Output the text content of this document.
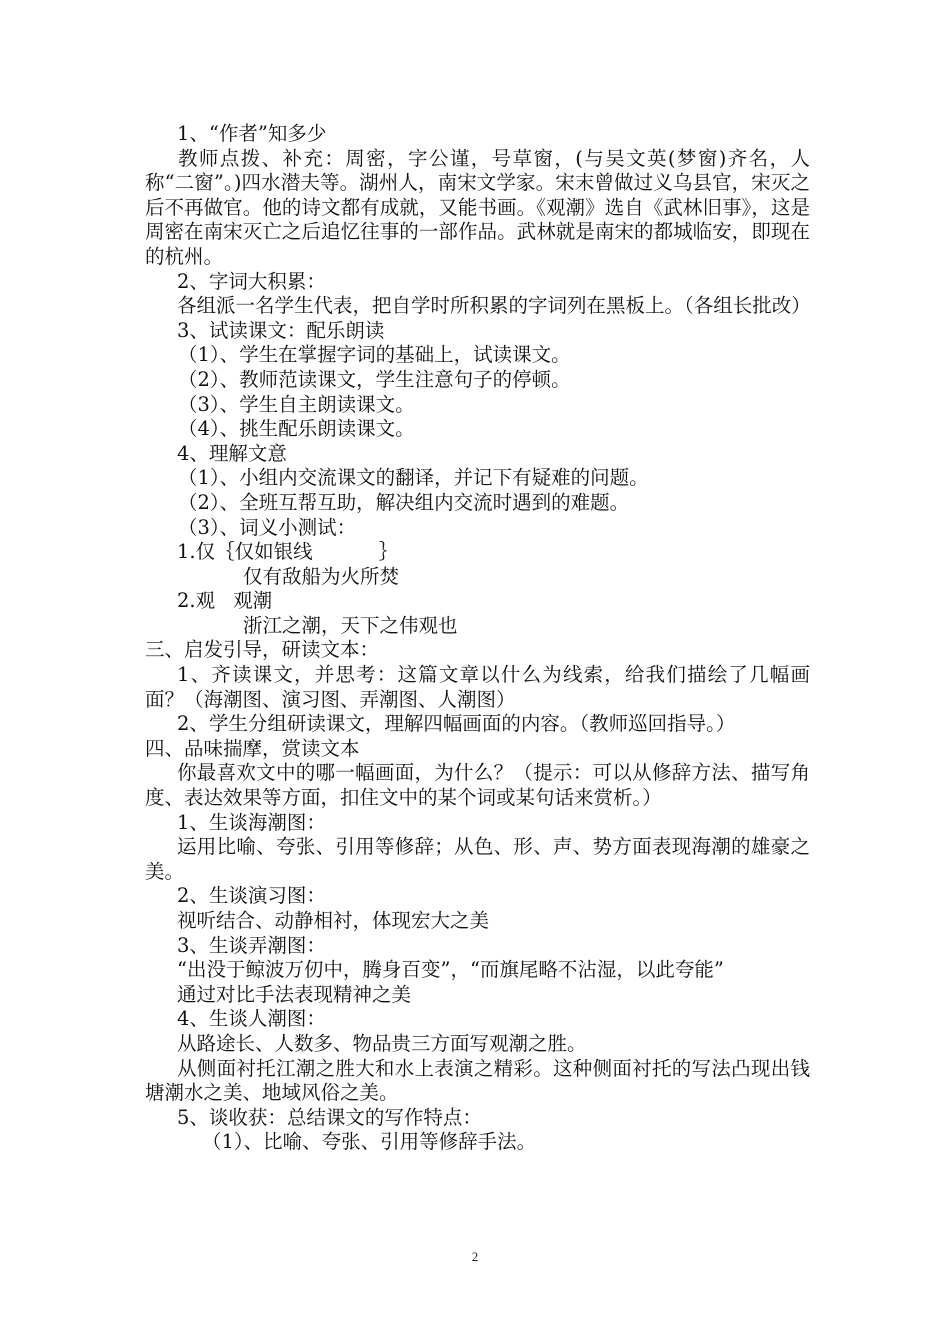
1、“作者”知多少
教师点拨、补充：周密，字公谨，号草窗，(与吴文英(梦窗)齐名，人称“二窗”。)四水潜夫等。湖州人，南宋文学家。宋末曾做过义乌县官，宋灭之后不再做官。他的诗文都有成就，又能书画。《观潮》选自《武林旧事》，这是周密在南宋灭亡之后追忆往事的一部作品。武林就是南宋的都城临安，即现在的杭州。
2、字词大积累：
各组派一名学生代表，把自学时所积累的字词列在黑板上。（各组长批改）
3、试读课文：配乐朗读
（1）、学生在掌握字词的基础上，试读课文。
（2）、教师范读课文，学生注意句子的停顿。
（3）、学生自主朗读课文。
（4）、挑生配乐朗读课文。
4、理解文意
（1）、小组内交流课文的翻译，并记下有疑难的问题。
（2）、全班互帮互助，解决组内交流时遇到的难题。
（3）、词义小测试：
1.仅｛仅如银线	｝
仅有敌船为火所焚
2.观 观潮
浙江之潮，天下之伟观也
三、启发引导，研读文本：
1、齐读课文，并思考：这篇文章以什么为线索，给我们描绘了几幅画面？（海潮图、演习图、弄潮图、人潮图）
2、学生分组研读课文，理解四幅画面的内容。（教师巡回指导。）
四、品味揣摩，赏读文本
你最喜欢文中的哪一幅画面，为什么？（提示：可以从修辞方法、描写角度、表达效果等方面，扣住文中的某个词或某句话来赏析。）
1、生谈海潮图：
运用比喻、夸张、引用等修辞；从色、形、声、势方面表现海潮的雄豪之美。
2、生谈演习图：
视听结合、动静相衬，体现宏大之美
3、生谈弄潮图：
“出没于鲸波万仞中，腾身百变”，“而旗尾略不沾湿，以此夸能”
通过对比手法表现精神之美
4、生谈人潮图：
从路途长、人数多、物品贵三方面写观潮之胜。
从侧面衬托江潮之胜大和水上表演之精彩。这种侧面衬托的写法凸现出钱塘潮水之美、地域风俗之美。
5、谈收获：总结课文的写作特点：
（1）、比喻、夸张、引用等修辞手法。
2
